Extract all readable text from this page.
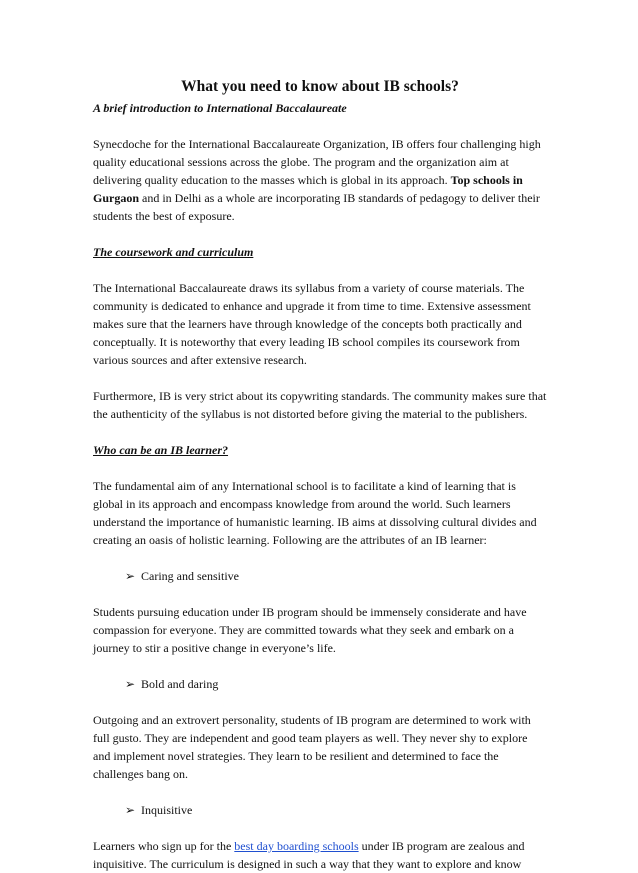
What you need to know about IB schools?
A brief introduction to International Baccalaureate

Synecdoche for the International Baccalaureate Organization, IB offers four challenging high quality educational sessions across the globe. The program and the organization aim at delivering quality education to the masses which is global in its approach. Top schools in Gurgaon and in Delhi as a whole are incorporating IB standards of pedagogy to deliver their students the best of exposure.

The coursework and curriculum

The International Baccalaureate draws its syllabus from a variety of course materials. The community is dedicated to enhance and upgrade it from time to time. Extensive assessment makes sure that the learners have through knowledge of the concepts both practically and conceptually. It is noteworthy that every leading IB school compiles its coursework from various sources and after extensive research.

Furthermore, IB is very strict about its copywriting standards. The community makes sure that the authenticity of the syllabus is not distorted before giving the material to the publishers.

Who can be an IB learner?

The fundamental aim of any International school is to facilitate a kind of learning that is global in its approach and encompass knowledge from around the world. Such learners understand the importance of humanistic learning. IB aims at dissolving cultural divides and creating an oasis of holistic learning. Following are the attributes of an IB learner:

➢ Caring and sensitive

Students pursuing education under IB program should be immensely considerate and have compassion for everyone. They are committed towards what they seek and embark on a journey to stir a positive change in everyone’s life.

➢ Bold and daring

Outgoing and an extrovert personality, students of IB program are determined to work with full gusto. They are independent and good team players as well. They never shy to explore and implement novel strategies. They learn to be resilient and determined to face the challenges bang on.

➢ Inquisitive

Learners who sign up for the best day boarding schools under IB program are zealous and inquisitive. The curriculum is designed in such a way that they want to explore and know
